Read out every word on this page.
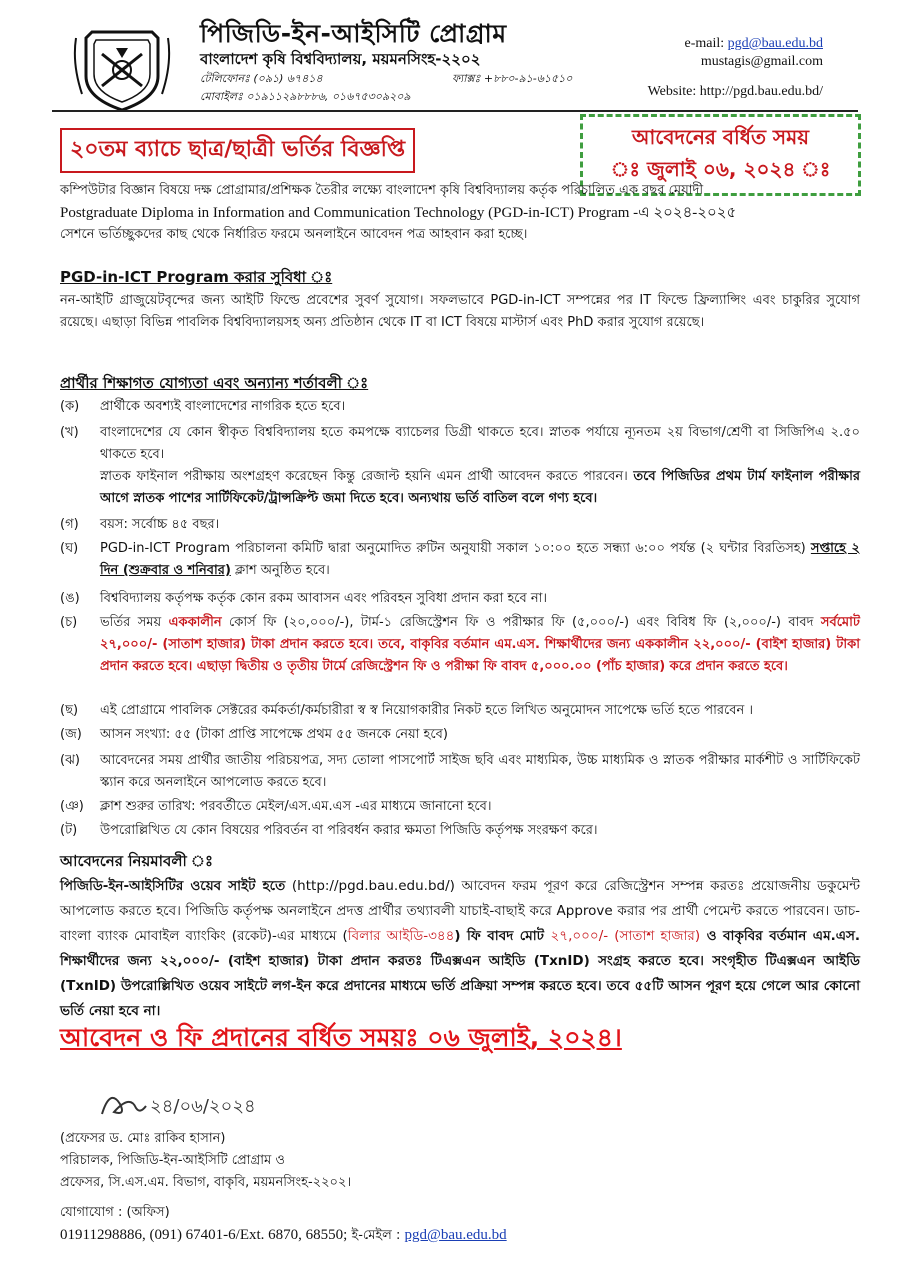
পিজিডি-ইন-আইসিটি প্রোগ্রাম
বাংলাদেশ কৃষি বিশ্ববিদ্যালয়, ময়মনসিংহ-২২০২
টেলিফোনঃ (০৯১) ৬৭৪১৪	ফ্যাক্সঃ +৮৮০-৯১-৬১৫১০
মোবাইলঃ ০১৯১১২৯৮৮৮৬, ০১৬৭৫৩০৯২০৯
e-mail: pgd@bau.edu.bd
mustagis@gmail.com
Website: http://pgd.bau.edu.bd/
২০তম ব্যাচে ছাত্র/ছাত্রী ভর্তির বিজ্ঞপ্তি	আবেদনের বর্ধিত সময়
ঃ জুলাই ০৬, ২০২৪ ঃ
কম্পিউটার বিজ্ঞান বিষয়ে দক্ষ প্রোগ্রামার/প্রশিক্ষক তৈরীর লক্ষ্যে বাংলাদেশ কৃষি বিশ্ববিদ্যালয় কর্তৃক পরিচালিত এক বছর মেয়াদী
Postgraduate Diploma in Information and Communication Technology (PGD-in-ICT) Program -এ ২০২৪-২০২৫
সেশনে ভর্তিচ্ছুকদের কাছ থেকে নির্ধারিত ফরমে অনলাইনে আবেদন পত্র আহবান করা হচ্ছে।
PGD-in-ICT Program করার সুবিধা ঃ
নন-আইটি গ্রাজুয়েটবৃন্দের জন্য আইটি ফিল্ডে প্রবেশের সুবর্ণ সুযোগ। সফলভাবে PGD-in-ICT সম্পন্নের পর IT ফিল্ডে ফ্রিল্যান্সিং এবং চাকুরির সুযোগ রয়েছে। এছাড়া বিভিন্ন পাবলিক বিশ্ববিদ্যালয়সহ অন্য প্রতিষ্ঠান থেকে IT বা ICT বিষয়ে মাস্টার্স এবং PhD করার সুযোগ রয়েছে।
প্রার্থীর শিক্ষাগত যোগ্যতা এবং অন্যান্য শর্তাবলী ঃ
(ক)	প্রার্থীকে অবশ্যই বাংলাদেশের নাগরিক হতে হবে।
(খ)	বাংলাদেশের যে কোন স্বীকৃত বিশ্ববিদ্যালয় হতে কমপক্ষে ব্যাচেলর ডিগ্রী থাকতে হবে। স্নাতক পর্যায়ে ন্যূনতম ২য় বিভাগ/শ্রেণী বা সিজিপিএ ২.৫০ থাকতে হবে।
স্নাতক ফাইনাল পরীক্ষায় অংশগ্রহণ করেছেন কিন্তু রেজাল্ট হয়নি এমন প্রার্থী আবেদন করতে পারবেন। তবে পিজিডির প্রথম টার্ম ফাইনাল পরীক্ষার আগে স্নাতক পাশের সার্টিফিকেট/ট্রান্সক্রিপ্ট জমা দিতে হবে। অন্যথায় ভর্তি বাতিল বলে গণ্য হবে।
(গ)	বয়স: সর্বোচ্চ ৪৫ বছর।
(ঘ)	PGD-in-ICT Program পরিচালনা কমিটি দ্বারা অনুমোদিত রুটিন অনুযায়ী সকাল ১০:০০ হতে সন্ধ্যা ৬:০০ পর্যন্ত (২ ঘন্টার বিরতিসহ) সপ্তাহে ২ দিন (শুক্রবার ও শনিবার) ক্লাশ অনুষ্ঠিত হবে।
(ঙ)	বিশ্ববিদ্যালয় কর্তৃপক্ষ কর্তৃক কোন রকম আবাসন এবং পরিবহন সুবিধা প্রদান করা হবে না।
(চ)	ভর্তির সময় এককালীন কোর্স ফি (২০,০০০/-), টার্ম-১ রেজিস্ট্রেশন ফি ও পরীক্ষার ফি (৫,০০০/-) এবং বিবিধ ফি (২,০০০/-) বাবদ সর্বমোট ২৭,০০০/- (সাতাশ হাজার) টাকা প্রদান করতে হবে। তবে, বাকৃবির বর্তমান এম.এস. শিক্ষার্থীদের জন্য এককালীন ২২,০০০/- (বাইশ হাজার) টাকা প্রদান করতে হবে। এছাড়া দ্বিতীয় ও তৃতীয় টার্মে রেজিস্ট্রেশন ফি ও পরীক্ষা ফি বাবদ ৫,০০০.০০ (পাঁচ হাজার) করে প্রদান করতে হবে।
(ছ)	এই প্রোগ্রামে পাবলিক সেক্টরের কর্মকর্তা/কর্মচারীরা স্ব স্ব নিয়োগকারীর নিকট হতে লিখিত অনুমোদন সাপেক্ষে ভর্তি হতে পারবেন ।
(জ)	আসন সংখ্যা: ৫৫ (টাকা প্রাপ্তি সাপেক্ষে প্রথম ৫৫ জনকে নেয়া হবে)
(ঝ)	আবেদনের সময় প্রার্থীর জাতীয় পরিচয়পত্র, সদ্য তোলা পাসপোর্ট সাইজ ছবি এবং মাধ্যমিক, উচ্চ মাধ্যমিক ও স্নাতক পরীক্ষার মার্কশীট ও সার্টিফিকেট স্ক্যান করে অনলাইনে আপলোড করতে হবে।
(ঞ)	ক্লাশ শুরুর তারিখ: পরবর্তীতে মেইল/এস.এম.এস -এর মাধ্যমে জানানো হবে।
(ট)	উপরোল্লিখিত যে কোন বিষয়ের পরিবর্তন বা পরিবর্ধন করার ক্ষমতা পিজিডি কর্তৃপক্ষ সংরক্ষণ করে।
আবেদনের নিয়মাবলী ঃ
পিজিডি-ইন-আইসিটির ওয়েব সাইট হতে (http://pgd.bau.edu.bd/) আবেদন ফরম পূরণ করে রেজিস্ট্রেশন সম্পন্ন করতঃ প্রয়োজনীয় ডকুমেন্ট আপলোড করতে হবে। পিজিডি কর্তৃপক্ষ অনলাইনে প্রদত্ত প্রার্থীর তথ্যাবলী যাচাই-বাছাই করে Approve করার পর প্রার্থী পেমেন্ট করতে পারবেন। ডাচ-বাংলা ব্যাংক মোবাইল ব্যাংকিং (রকেট)-এর মাধ্যমে (বিলার আইডি-৩৪৪) ফি বাবদ মোট ২৭,০০০/- (সাতাশ হাজার) ও বাকৃবির বর্তমান এম.এস. শিক্ষার্থীদের জন্য ২২,০০০/- (বাইশ হাজার) টাকা প্রদান করতঃ টিএক্সএন আইডি (TxnID) সংগ্রহ করতে হবে। সংগৃহীত টিএক্সএন আইডি (TxnID) উপরোল্লিখিত ওয়েব সাইটে লগ-ইন করে প্রদানের মাধ্যমে ভর্তি প্রক্রিয়া সম্পন্ন করতে হবে। তবে ৫৫টি আসন পূরণ হয়ে গেলে আর কোনো ভর্তি নেয়া হবে না।
আবেদন ও ফি প্রদানের বর্ধিত সময়ঃ ০৬ জুলাই, ২০২৪।
২৪/০৬/২০২৪
(প্রফেসর ড. মোঃ রাকিব হাসান)
পরিচালক, পিজিডি-ইন-আইসিটি প্রোগ্রাম ও
প্রফেসর, সি.এস.এম. বিভাগ, বাকৃবি, ময়মনসিংহ-২২০২।
যোগাযোগ : (অফিস)
01911298886, (091) 67401-6/Ext. 6870, 68550; ই-মেইল : pgd@bau.edu.bd
